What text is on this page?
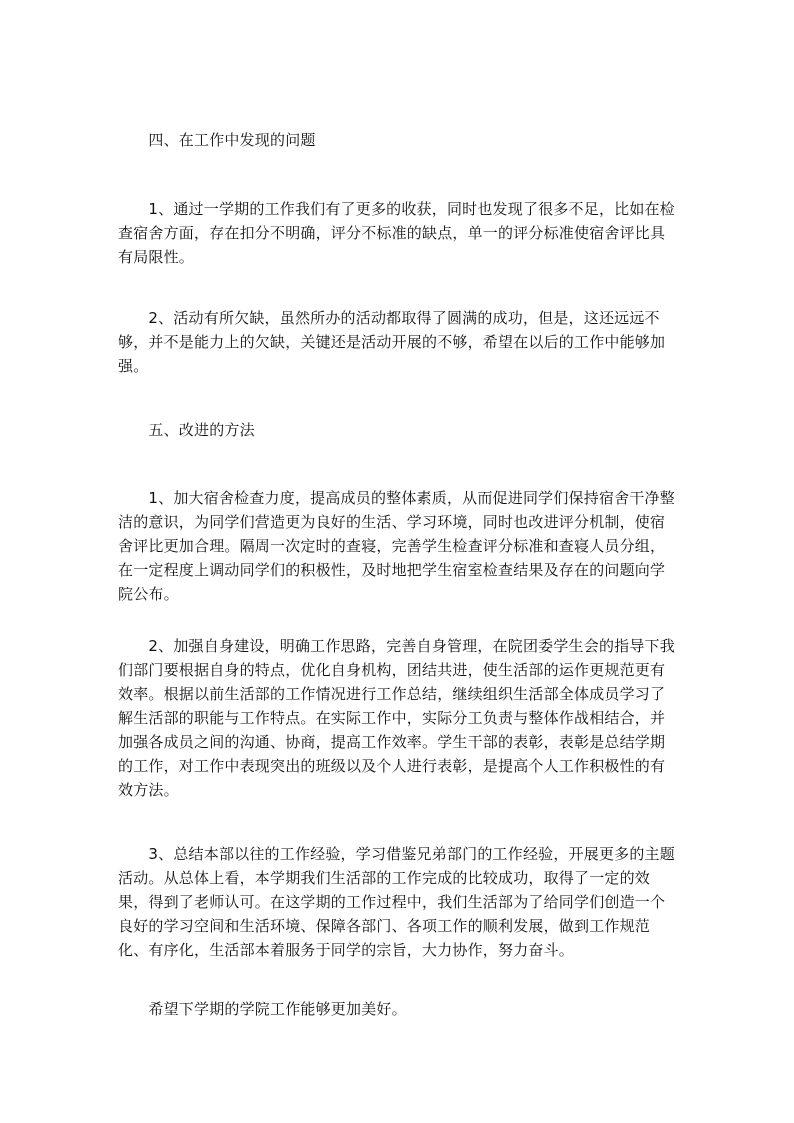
　　四、在工作中发现的问题
　　1、通过一学期的工作我们有了更多的收获，同时也发现了很多不足，比如在检查宿舍方面，存在扣分不明确，评分不标准的缺点，单一的评分标准使宿舍评比具有局限性。
　　2、活动有所欠缺，虽然所办的活动都取得了圆满的成功，但是，这还远远不够，并不是能力上的欠缺，关键还是活动开展的不够，希望在以后的工作中能够加强。
　　五、改进的方法
　　1、加大宿舍检查力度，提高成员的整体素质，从而促进同学们保持宿舍干净整洁的意识，为同学们营造更为良好的生活、学习环境，同时也改进评分机制，使宿舍评比更加合理。隔周一次定时的查寝，完善学生检查评分标准和查寝人员分组，在一定程度上调动同学们的积极性，及时地把学生宿室检查结果及存在的问题向学院公布。
　　2、加强自身建设，明确工作思路，完善自身管理，在院团委学生会的指导下我们部门要根据自身的特点，优化自身机构，团结共进，使生活部的运作更规范更有效率。根据以前生活部的工作情况进行工作总结，继续组织生活部全体成员学习了解生活部的职能与工作特点。在实际工作中，实际分工负责与整体作战相结合，并加强各成员之间的沟通、协商，提高工作效率。学生干部的表彰，表彰是总结学期的工作，对工作中表现突出的班级以及个人进行表彰，是提高个人工作积极性的有效方法。
　　3、总结本部以往的工作经验，学习借鉴兄弟部门的工作经验，开展更多的主题活动。从总体上看，本学期我们生活部的工作完成的比较成功，取得了一定的效果，得到了老师认可。在这学期的工作过程中，我们生活部为了给同学们创造一个良好的学习空间和生活环境、保障各部门、各项工作的顺利发展，做到工作规范化、有序化，生活部本着服务于同学的宗旨，大力协作，努力奋斗。
　　希望下学期的学院工作能够更加美好。
